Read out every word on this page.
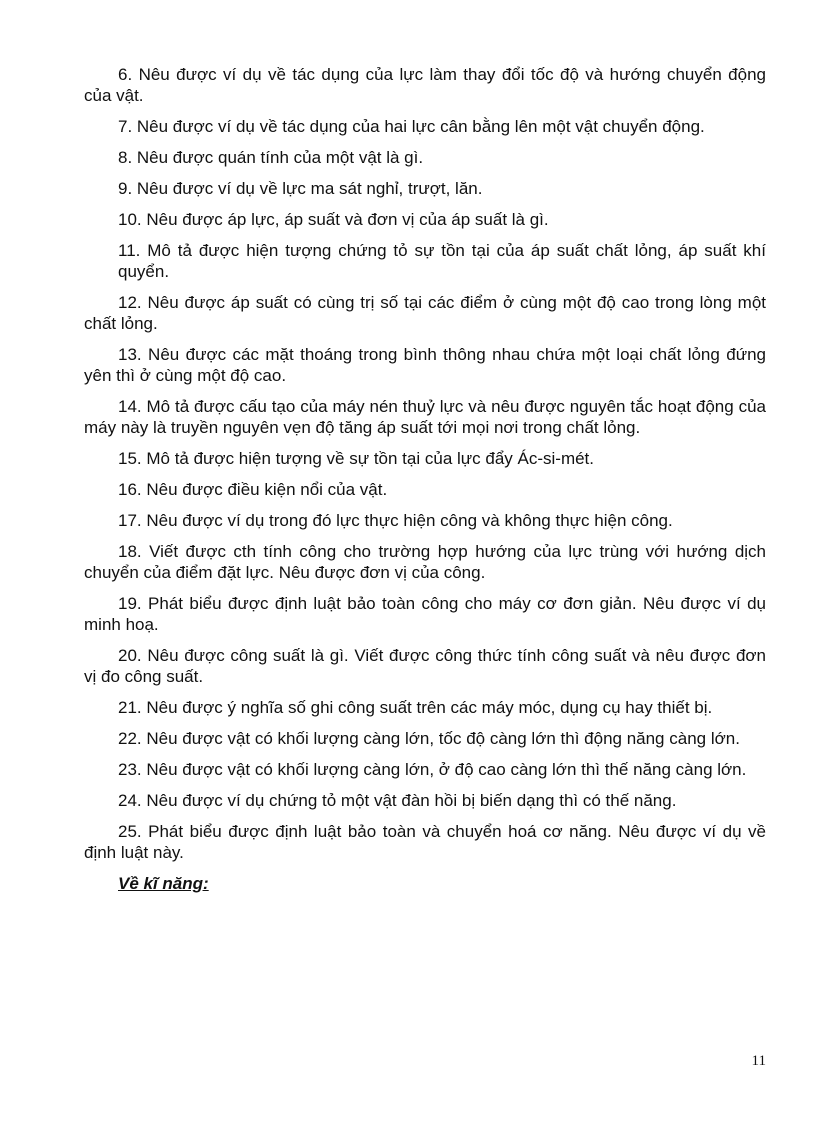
6. Nêu được ví dụ về tác dụng của lực làm thay đổi tốc độ và hướng chuyển động của vật.

7. Nêu được ví dụ về tác dụng của hai lực cân bằng lên một vật chuyển động.

8. Nêu được quán tính của một vật là gì.

9. Nêu được ví dụ về lực ma sát nghỉ, trượt, lăn.

10. Nêu được áp lực, áp suất và đơn vị của áp suất là gì.

11. Mô tả được hiện tượng chứng tỏ sự tồn tại của áp suất chất lỏng, áp suất khí quyển.

12. Nêu được áp suất có cùng trị số tại các điểm ở cùng một độ cao trong lòng một chất lỏng.

13. Nêu được các mặt thoáng trong bình thông nhau chứa một loại chất lỏng đứng yên thì ở cùng một độ cao.

14. Mô tả được cấu tạo của máy nén thuỷ lực và nêu được nguyên tắc hoạt động của máy này là truyền nguyên vẹn độ tăng áp suất tới mọi nơi trong chất lỏng.

15. Mô tả được hiện tượng về sự tồn tại của lực đẩy Ác-si-mét.

16. Nêu được điều kiện nổi của vật.

17. Nêu được ví dụ trong đó lực thực hiện công và không thực hiện công.

18. Viết được cth tính công cho trường hợp hướng của lực trùng với hướng dịch chuyển của điểm đặt lực. Nêu được đơn vị của công.

19. Phát biểu được định luật bảo toàn công cho máy cơ đơn giản. Nêu được ví dụ minh hoạ.

20. Nêu được công suất là gì. Viết được công thức tính công suất và nêu được đơn vị đo công suất.

21. Nêu được ý nghĩa số ghi công suất trên các máy móc, dụng cụ hay thiết bị.

22. Nêu được vật có khối lượng càng lớn, tốc độ càng lớn thì động năng càng lớn.

23. Nêu được vật có khối lượng càng lớn, ở độ cao càng lớn thì thế năng càng lớn.

24. Nêu được ví dụ chứng tỏ một vật đàn hồi bị biến dạng thì có thế năng.

25. Phát biểu được định luật bảo toàn và chuyển hoá cơ năng. Nêu được ví dụ về định luật này.

Về kĩ năng:

11
